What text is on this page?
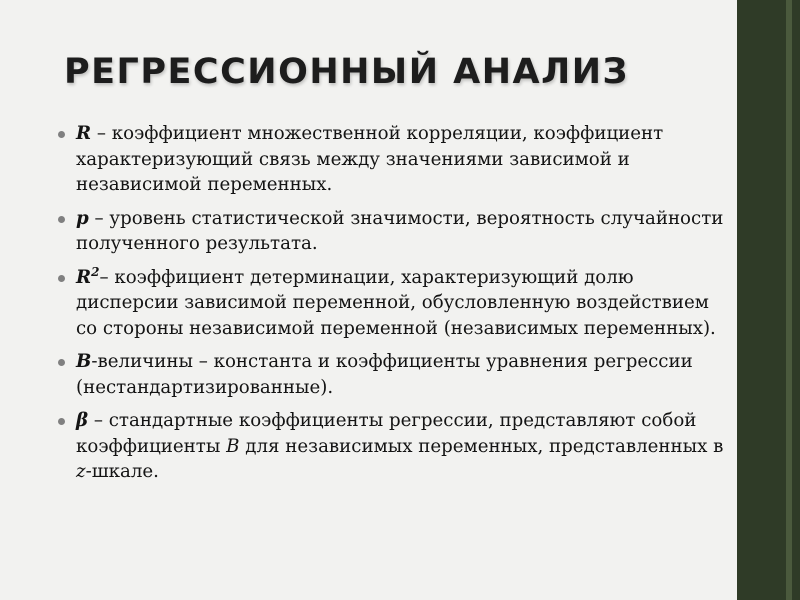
РЕГРЕССИОННЫЙ АНАЛИЗ
R – коэффициент множественной корреляции, коэффициент характеризующий связь между значениями зависимой и независимой переменных.
р – уровень статистической значимости, вероятность случайности полученного результата.
$R^2-$ коэффициент детерминации, характеризующий долю дисперсии зависимой переменной, обусловленную воздействием со стороны независимой переменной (независимых переменных).
B-величины – константа и коэффициенты уравнения регрессии (нестандартизированные).
β – стандартные коэффициенты регрессии, представляют собой коэффициенты B для независимых переменных, представленных в z-шкале.
